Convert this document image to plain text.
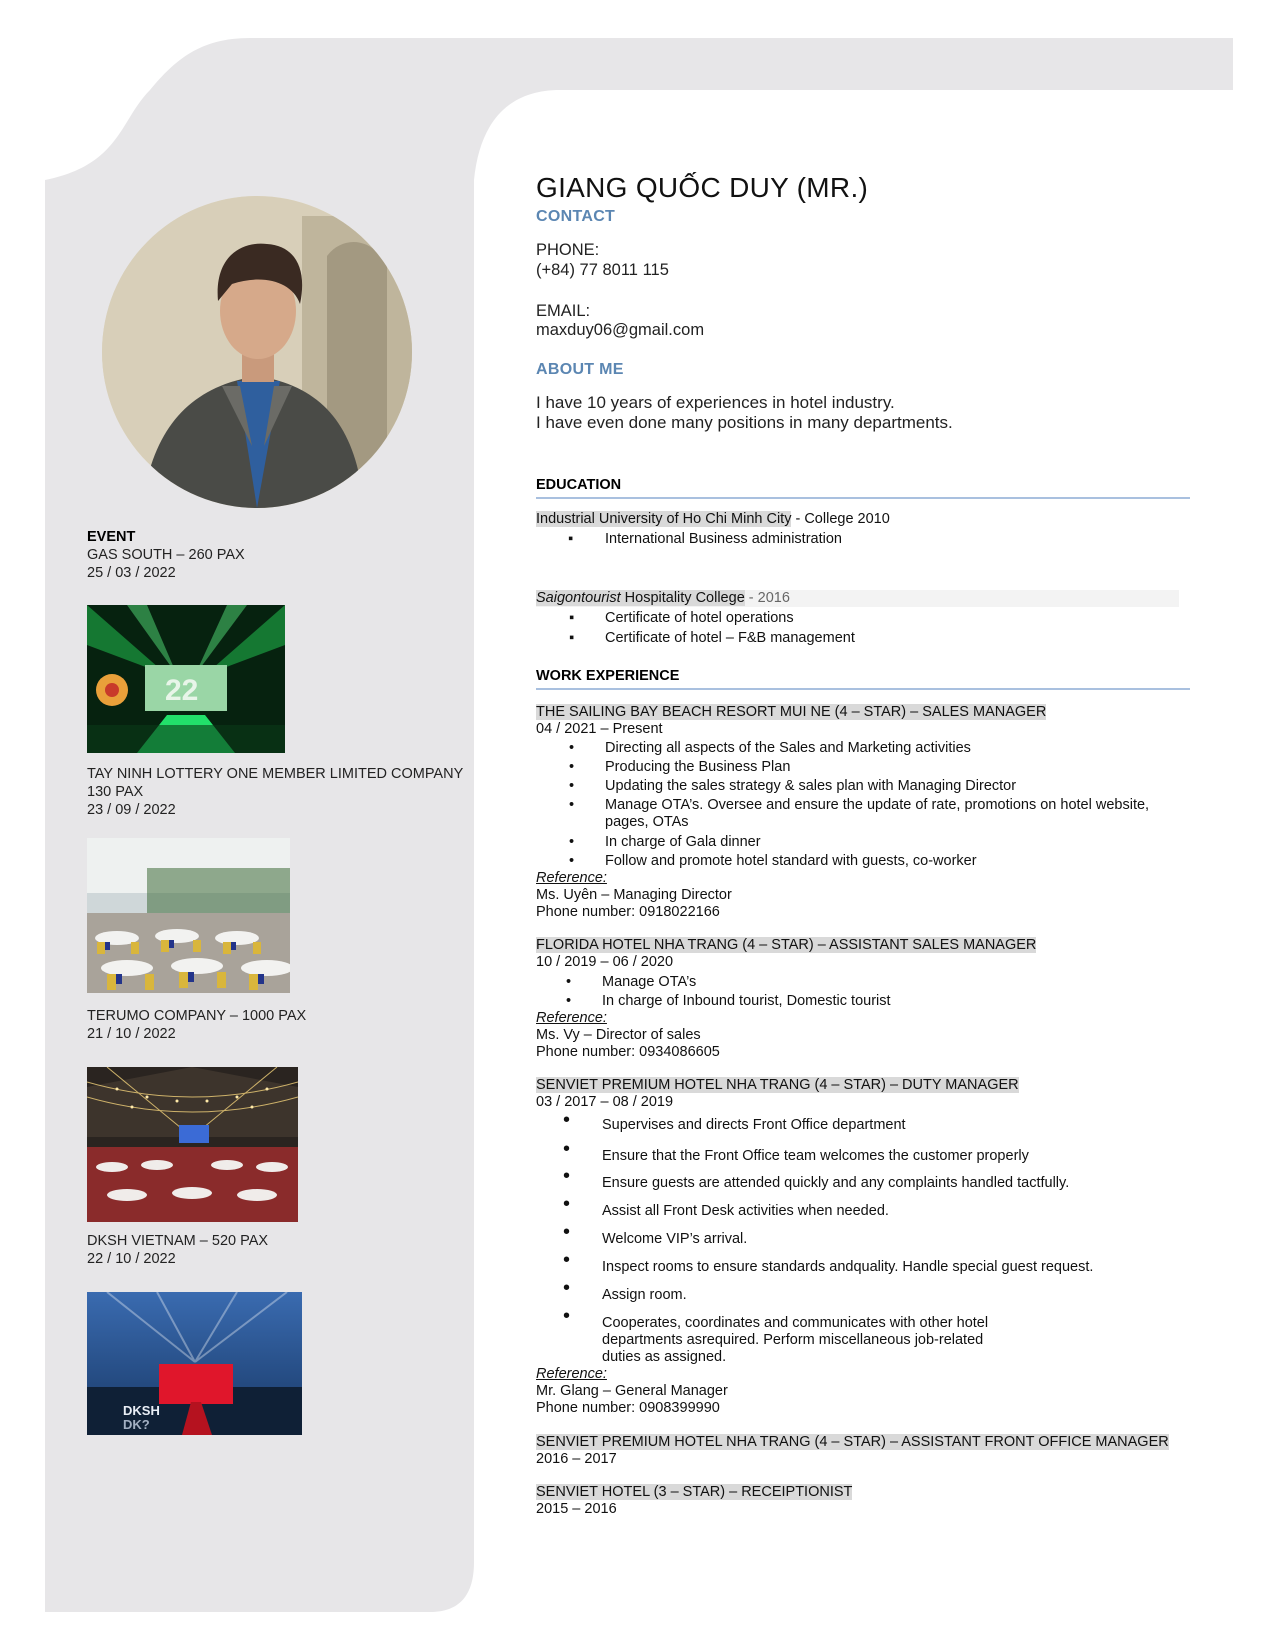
EVENT
GAS SOUTH – 260 PAX
25 / 03 / 2022
22
TAY NINH LOTTERY ONE MEMBER LIMITED COMPANY
130 PAX
23 / 09 / 2022
TERUMO COMPANY – 1000 PAX
21 / 10 / 2022
DKSH VIETNAM – 520 PAX
22 / 10 / 2022
DKSH
DK?
GIANG QUỐC DUY (MR.)
CONTACT
PHONE:
(+84) 77 8011 115
EMAIL:
maxduy06@gmail.com
ABOUT ME
I have 10 years of experiences in hotel industry.
I have even done many positions in many departments.
EDUCATION
Industrial University of Ho Chi Minh City - College 2010
▪ International Business administration
Saigontourist Hospitality College - 2016
▪ Certificate of hotel operations
▪ Certificate of hotel – F&B management
WORK EXPERIENCE
THE SAILING BAY BEACH RESORT MUI NE (4 – STAR) – SALES MANAGER
04 / 2021 – Present
• Directing all aspects of the Sales and Marketing activities
• Producing the Business Plan
• Updating the sales strategy & sales plan with Managing Director
• Manage OTA’s. Oversee and ensure the update of rate, promotions on hotel website,
pages, OTAs
• In charge of Gala dinner
• Follow and promote hotel standard with guests, co-worker
Reference:
Ms. Uyên – Managing Director
Phone number: 0918022166
FLORIDA HOTEL NHA TRANG (4 – STAR) – ASSISTANT SALES MANAGER
10 / 2019 – 06 / 2020
• Manage OTA’s
• In charge of Inbound tourist, Domestic tourist
Reference:
Ms. Vy – Director of sales
Phone number: 0934086605
SENVIET PREMIUM HOTEL NHA TRANG (4 – STAR) – DUTY MANAGER
03 / 2017 – 08 / 2019
• Supervises and directs Front Office department
• Ensure that the Front Office team welcomes the customer properly
• Ensure guests are attended quickly and any complaints handled tactfully.
• Assist all Front Desk activities when needed.
• Welcome VIP’s arrival.
• Inspect rooms to ensure standards andquality. Handle special guest request.
• Assign room.
• Cooperates, coordinates and communicates with other hotel
departments asrequired. Perform miscellaneous job-related
duties as assigned.
Reference:
Mr. Glang – General Manager
Phone number: 0908399990
SENVIET PREMIUM HOTEL NHA TRANG (4 – STAR) – ASSISTANT FRONT OFFICE MANAGER
2016 – 2017
SENVIET HOTEL (3 – STAR) – RECEIPTIONIST
2015 – 2016
